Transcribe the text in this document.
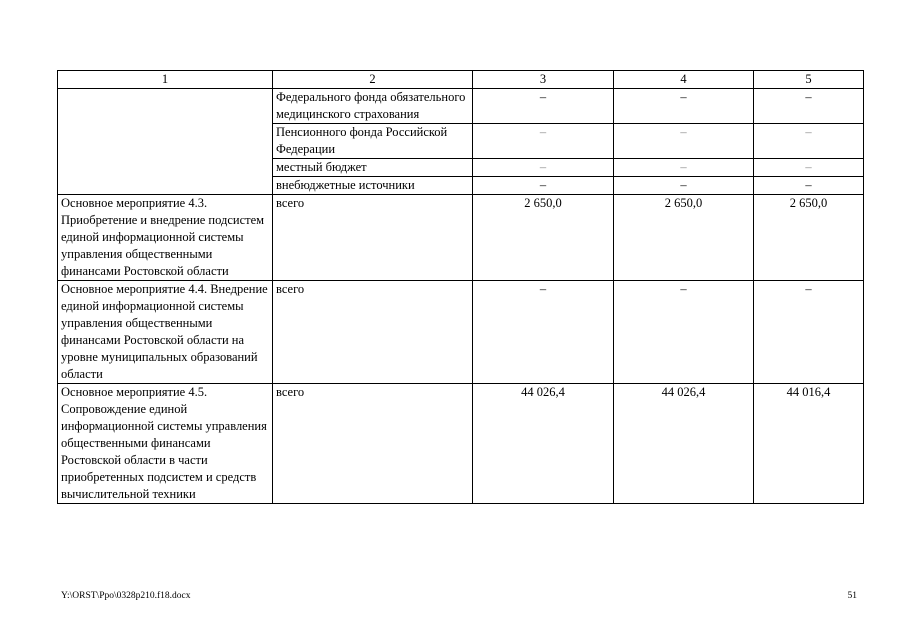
1	2	3	4	5
	Федерального фонда обязательного медицинского страхования	–	–	–
	Пенсионного фонда Российской Федерации	–	–	–
	местный бюджет	–	–	–
	внебюджетные источники	–	–	–
Основное мероприятие 4.3. Приобретение и внедрение подсистем единой информационной системы управления общественными финансами Ростовской области	всего	2 650,0	2 650,0	2 650,0
Основное мероприятие 4.4. Внедрение единой информационной системы управления общественными финансами Ростовской области на уровне муниципальных образований области	всего	–	–	–
Основное мероприятие 4.5. Сопровождение единой информационной системы управления общественными финансами Ростовской области в части приобретенных подсистем и средств вычислительной техники	всего	44 026,4	44 026,4	44 016,4
Y:\ORST\Ppo\0328p210.f18.docx	51
